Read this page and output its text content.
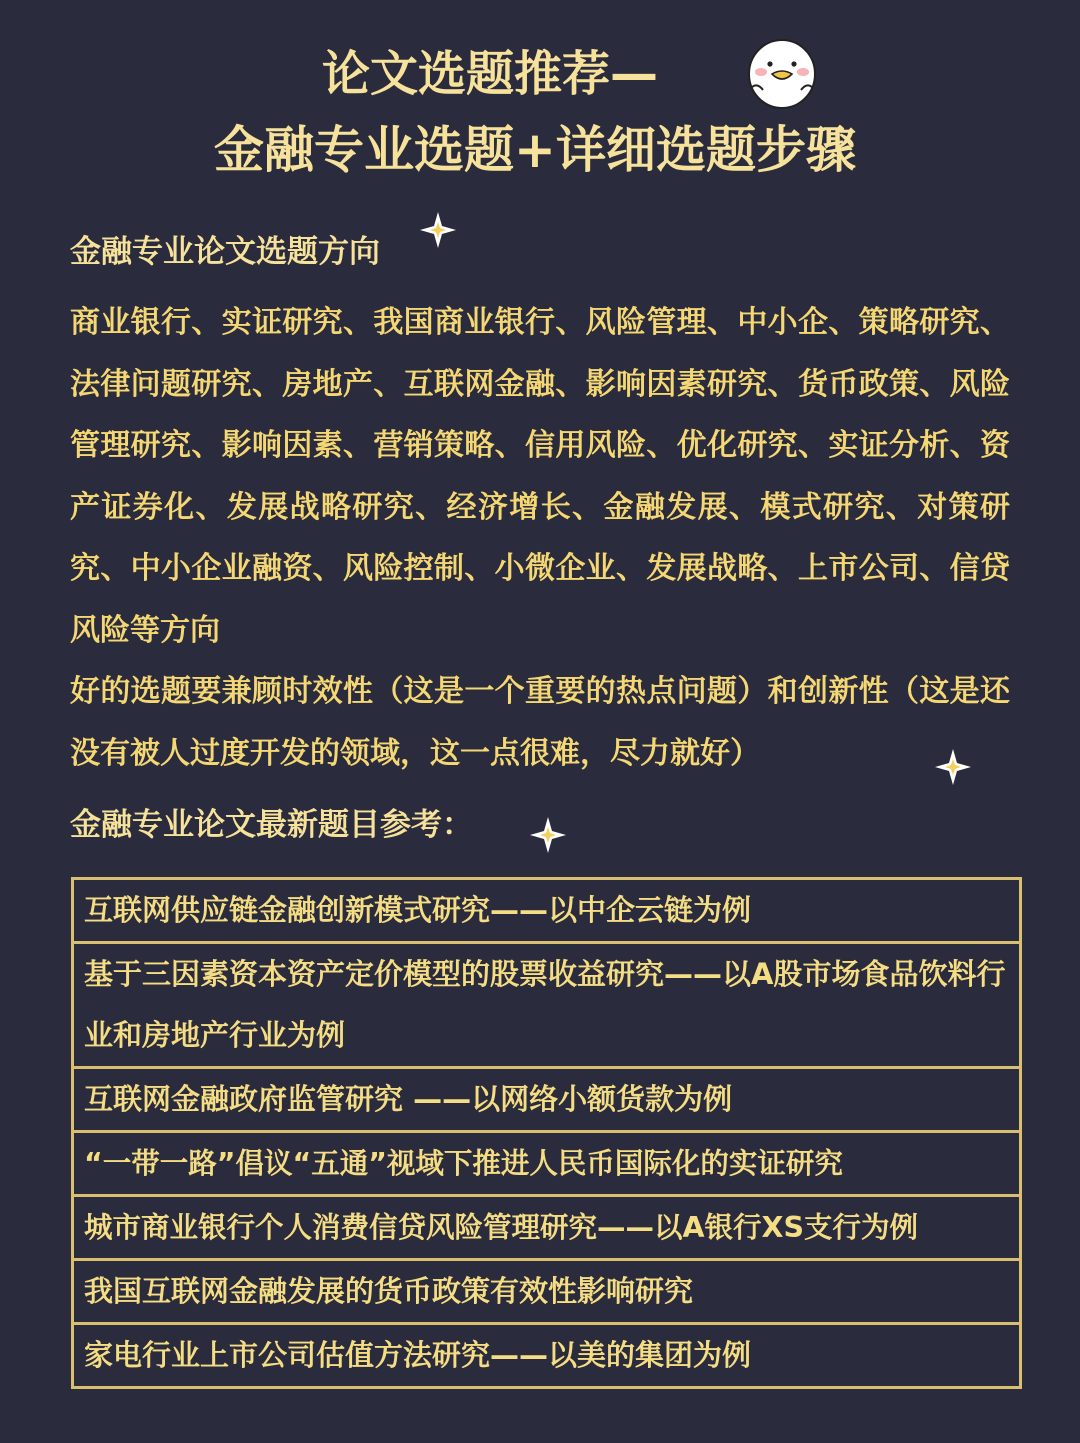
论文选题推荐—
金融专业选题+详细选题步骤
金融专业论文选题方向
商业银行、实证研究、我国商业银行、风险管理、中小企、策略研究、法律问题研究、房地产、互联网金融、影响因素研究、货币政策、风险管理研究、影响因素、营销策略、信用风险、优化研究、实证分析、资产证券化、发展战略研究、经济增长、金融发展、模式研究、对策研究、中小企业融资、风险控制、小微企业、发展战略、上市公司、信贷风险等方向
好的选题要兼顾时效性（这是一个重要的热点问题）和创新性（这是还没有被人过度开发的领域，这一点很难，尽力就好）
金融专业论文最新题目参考：
互联网供应链金融创新模式研究——以中企云链为例
基于三因素资本资产定价模型的股票收益研究——以A股市场食品饮料行业和房地产行业为例
互联网金融政府监管研究 ——以网络小额货款为例
“一带一路”倡议“五通”视域下推进人民币国际化的实证研究
城市商业银行个人消费信贷风险管理研究——以A银行XS支行为例
我国互联网金融发展的货币政策有效性影响研究
家电行业上市公司估值方法研究——以美的集团为例
